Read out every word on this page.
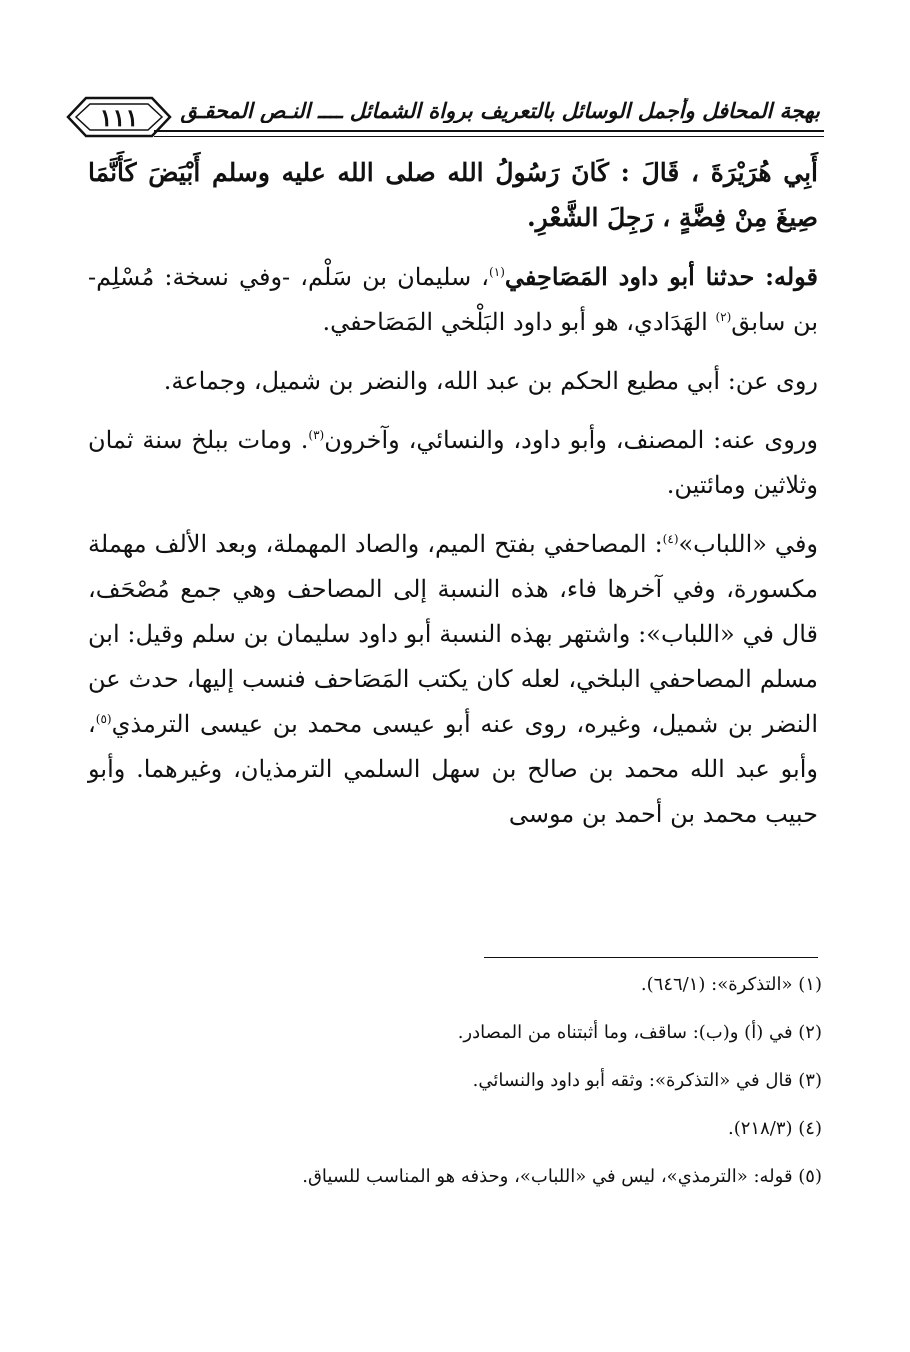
١١١	بهجة المحافل وأجمل الوسائل بالتعريف برواة الشمائل ــــ النـص المحقـق

أَبِي هُرَيْرَةَ ، قَالَ : كَانَ رَسُولُ الله صلى الله عليه وسلم أَبْيَضَ كَأَنَّمَا صِيغَ مِنْ فِضَّةٍ ، رَجِلَ الشَّعْرِ.

قوله: حدثنا أبو داود المَصَاحِفي$^{(١)}$، سليمان بن سَلْم، -وفي نسخة: مُسْلِم- بن سابق$^{(٢)}$ الهَدَادي، هو أبو داود البَلْخي المَصَاحفي.

روى عن: أبي مطيع الحكم بن عبد الله، والنضر بن شميل، وجماعة.

وروى عنه: المصنف، وأبو داود، والنسائي، وآخرون$^{(٣)}$. ومات ببلخ سنة ثمان وثلاثين ومائتين.

وفي «اللباب»$^{(٤)}$: المصاحفي بفتح الميم، والصاد المهملة، وبعد الألف مهملة مكسورة، وفي آخرها فاء، هذه النسبة إلى المصاحف وهي جمع مُصْحَف، قال في «اللباب»: واشتهر بهذه النسبة أبو داود سليمان بن سلم وقيل: ابن مسلم المصاحفي البلخي، لعله كان يكتب المَصَاحف فنسب إليها، حدث عن النضر بن شميل، وغيره، روى عنه أبو عيسى محمد بن عيسى الترمذي$^{(٥)}$، وأبو عبد الله محمد بن صالح بن سهل السلمي الترمذيان، وغيرهما. وأبو حبيب محمد بن أحمد بن موسى

(١) «التذكرة»: (٦٤٦/١).
(٢) في (أ) و(ب): ساقف، وما أثبتناه من المصادر.
(٣) قال في «التذكرة»: وثقه أبو داود والنسائي.
(٤) (٢١٨/٣).
(٥) قوله: «الترمذي»، ليس في «اللباب»، وحذفه هو المناسب للسياق.
